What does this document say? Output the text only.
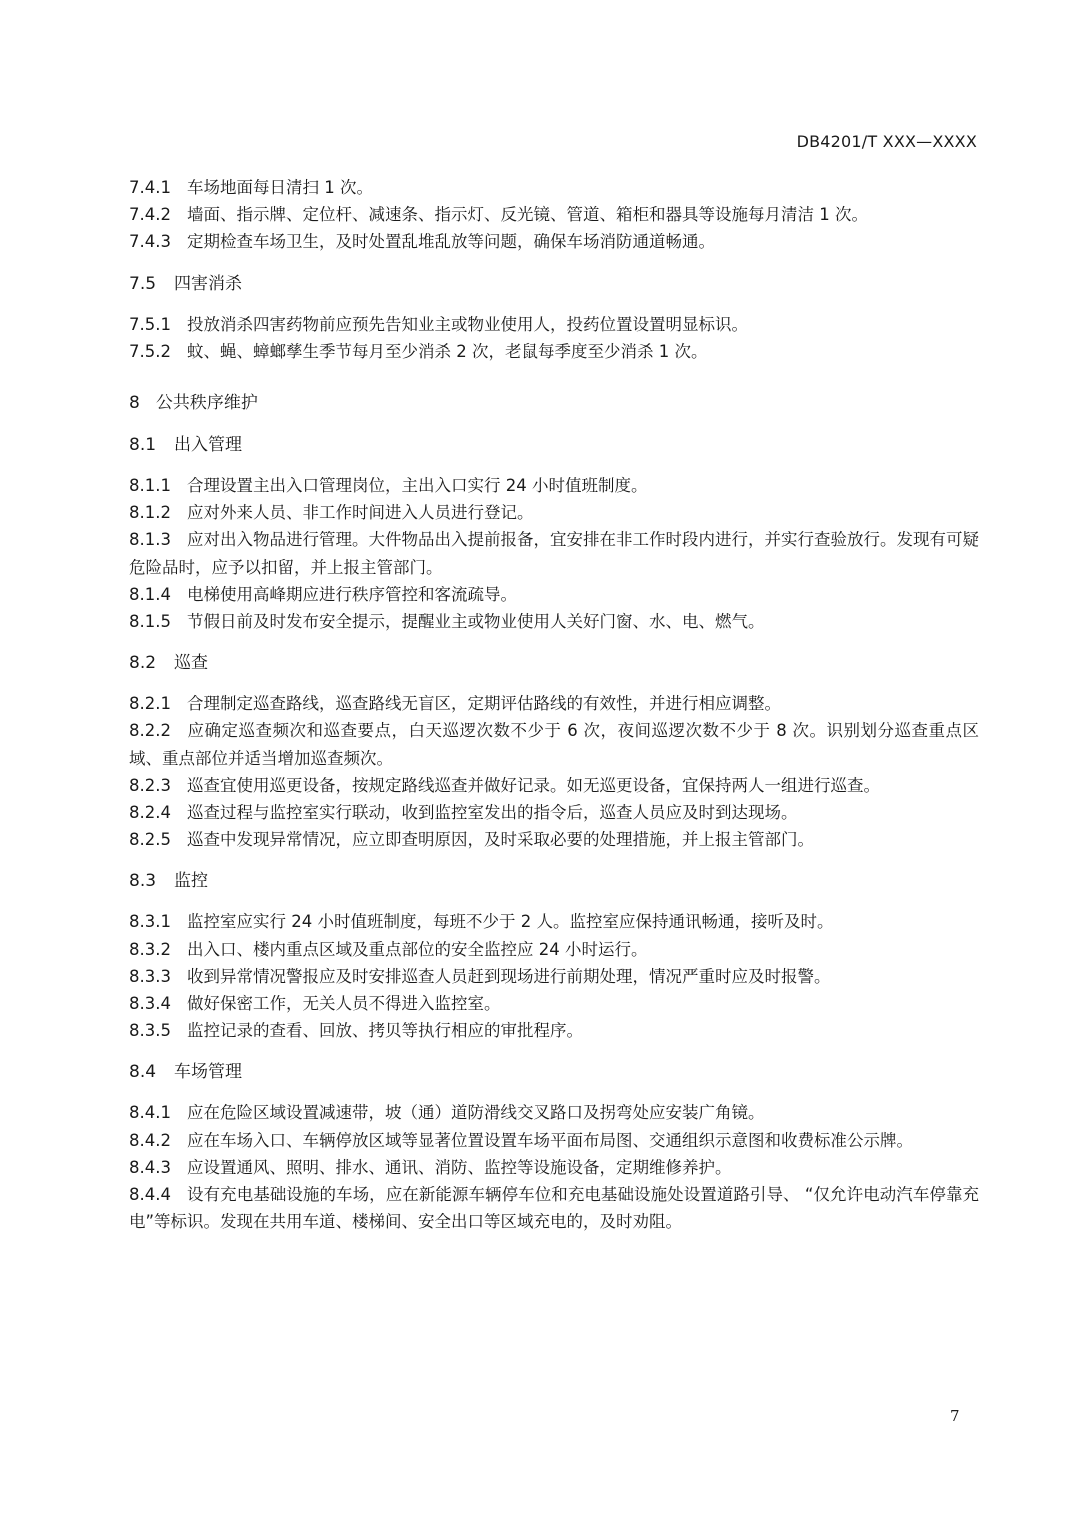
DB4201/T XXX—XXXX
7.4.1 车场地面每日清扫 1 次。
7.4.2 墙面、指示牌、定位杆、减速条、指示灯、反光镜、管道、箱柜和器具等设施每月清洁 1 次。
7.4.3 定期检查车场卫生，及时处置乱堆乱放等问题，确保车场消防通道畅通。
7.5 四害消杀
7.5.1 投放消杀四害药物前应预先告知业主或物业使用人，投药位置设置明显标识。
7.5.2 蚊、蝇、蟑螂孳生季节每月至少消杀 2 次，老鼠每季度至少消杀 1 次。
8 公共秩序维护
8.1 出入管理
8.1.1 合理设置主出入口管理岗位，主出入口实行 24 小时值班制度。
8.1.2 应对外来人员、非工作时间进入人员进行登记。
8.1.3 应对出入物品进行管理。大件物品出入提前报备，宜安排在非工作时段内进行，并实行查验放行。发现有可疑危险品时，应予以扣留，并上报主管部门。
8.1.4 电梯使用高峰期应进行秩序管控和客流疏导。
8.1.5 节假日前及时发布安全提示，提醒业主或物业使用人关好门窗、水、电、燃气。
8.2 巡查
8.2.1 合理制定巡查路线，巡查路线无盲区，定期评估路线的有效性，并进行相应调整。
8.2.2 应确定巡查频次和巡查要点，白天巡逻次数不少于 6 次，夜间巡逻次数不少于 8 次。识别划分巡查重点区域、重点部位并适当增加巡查频次。
8.2.3 巡查宜使用巡更设备，按规定路线巡查并做好记录。如无巡更设备，宜保持两人一组进行巡查。
8.2.4 巡查过程与监控室实行联动，收到监控室发出的指令后，巡查人员应及时到达现场。
8.2.5 巡查中发现异常情况，应立即查明原因，及时采取必要的处理措施，并上报主管部门。
8.3 监控
8.3.1 监控室应实行 24 小时值班制度，每班不少于 2 人。监控室应保持通讯畅通，接听及时。
8.3.2 出入口、楼内重点区域及重点部位的安全监控应 24 小时运行。
8.3.3 收到异常情况警报应及时安排巡查人员赶到现场进行前期处理，情况严重时应及时报警。
8.3.4 做好保密工作，无关人员不得进入监控室。
8.3.5 监控记录的查看、回放、拷贝等执行相应的审批程序。
8.4 车场管理
8.4.1 应在危险区域设置减速带，坡（通）道防滑线交叉路口及拐弯处应安装广角镜。
8.4.2 应在车场入口、车辆停放区域等显著位置设置车场平面布局图、交通组织示意图和收费标准公示牌。
8.4.3 应设置通风、照明、排水、通讯、消防、监控等设施设备，定期维修养护。
8.4.4 设有充电基础设施的车场，应在新能源车辆停车位和充电基础设施处设置道路引导、 “仅允许电动汽车停靠充电”等标识。发现在共用车道、楼梯间、安全出口等区域充电的，及时劝阻。
7
